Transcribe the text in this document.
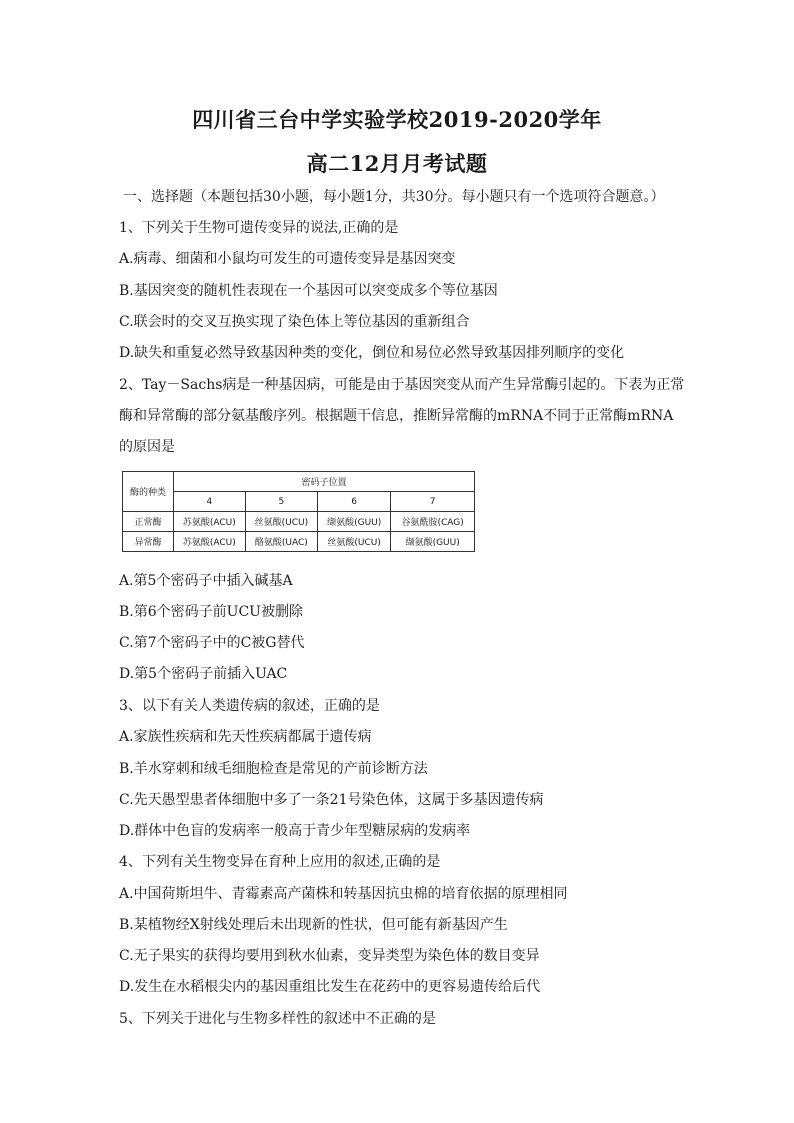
四川省三台中学实验学校2019-2020学年
高二12月月考试题
一、选择题（本题包括30小题，每小题1分，共30分。每小题只有一个选项符合题意。）
1、下列关于生物可遗传变异的说法,正确的是
A.病毒、细菌和小鼠均可发生的可遗传变异是基因突变
B.基因突变的随机性表现在一个基因可以突变成多个等位基因
C.联会时的交叉互换实现了染色体上等位基因的重新组合
D.缺失和重复必然导致基因种类的变化，倒位和易位必然导致基因排列顺序的变化
2、Tay－Sachs病是一种基因病，可能是由于基因突变从而产生异常酶引起的。下表为正常
酶和异常酶的部分氨基酸序列。根据题干信息，推断异常酶的mRNA不同于正常酶mRNA
的原因是
酶的种类	密码子位置			
	4	5	6	7
正常酶	苏氨酸(ACU)	丝氨酸(UCU)	缬氨酸(GUU)	谷氨酰胺(CAG)
异常酶	苏氨酸(ACU)	酪氨酸(UAC)	丝氨酸(UCU)	缬氨酸(GUU)
A.第5个密码子中插入碱基A
B.第6个密码子前UCU被删除
C.第7个密码子中的C被G替代
D.第5个密码子前插入UAC
3、以下有关人类遗传病的叙述，正确的是
A.家族性疾病和先天性疾病都属于遗传病
B.羊水穿刺和绒毛细胞检查是常见的产前诊断方法
C.先天愚型患者体细胞中多了一条21号染色体，这属于多基因遗传病
D.群体中色盲的发病率一般高于青少年型糖尿病的发病率
4、下列有关生物变异在育种上应用的叙述,正确的是
A.中国荷斯坦牛、青霉素高产菌株和转基因抗虫棉的培育依据的原理相同
B.某植物经X射线处理后未出现新的性状，但可能有新基因产生
C.无子果实的获得均要用到秋水仙素，变异类型为染色体的数目变异
D.发生在水稻根尖内的基因重组比发生在花药中的更容易遗传给后代
5、下列关于进化与生物多样性的叙述中不正确的是
